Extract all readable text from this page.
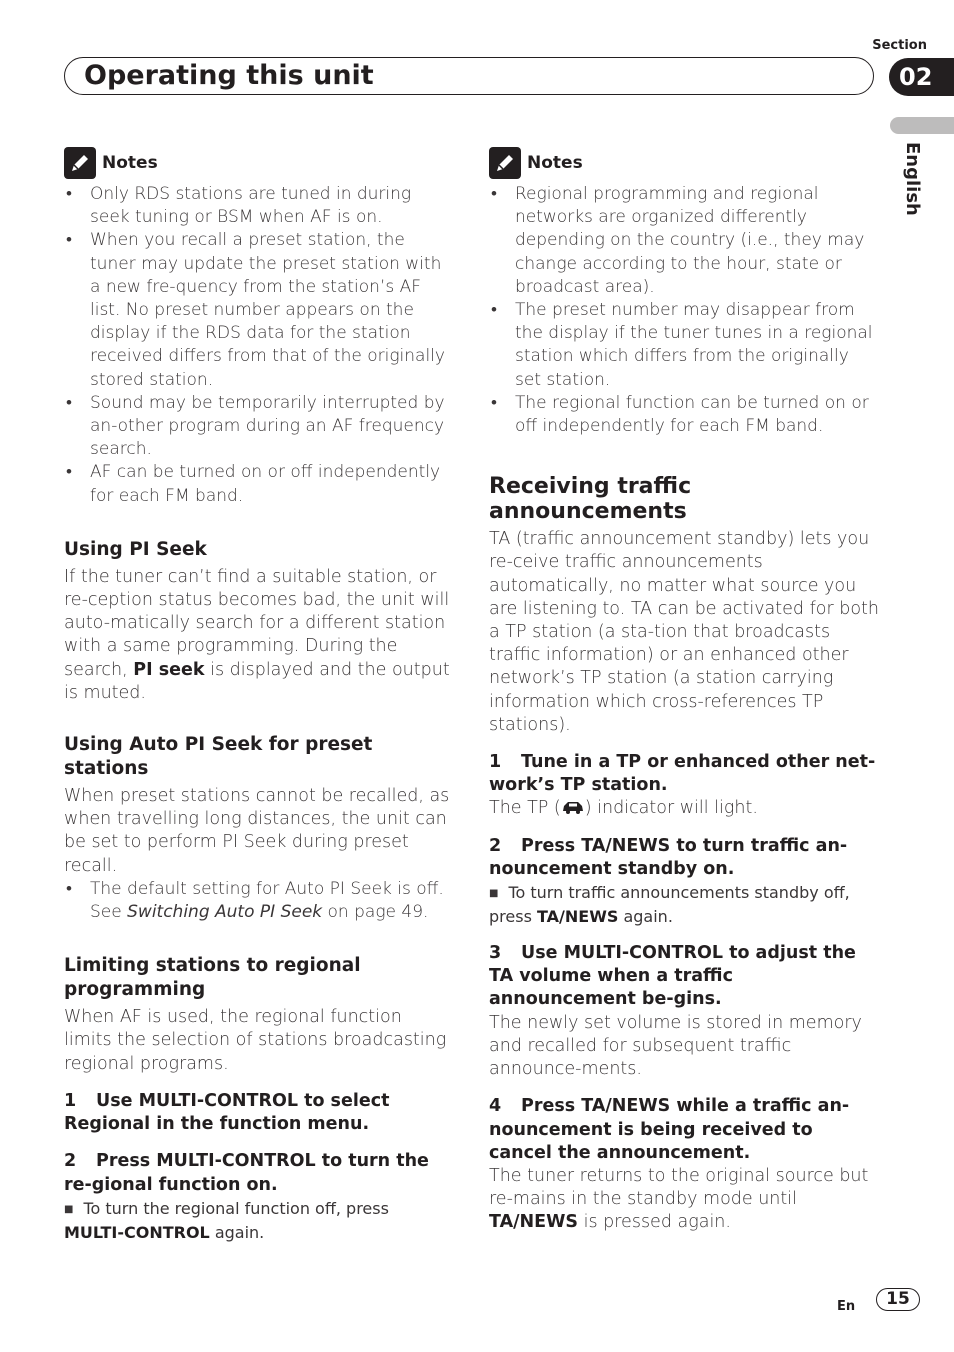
Section
02
Operating this unit
English
Notes
• Only RDS stations are tuned in during seek tuning or BSM when AF is on.
• When you recall a preset station, the tuner may update the preset station with a new fre-quency from the station’s AF list. No preset number appears on the display if the RDS data for the station received differs from that of the originally stored station.
• Sound may be temporarily interrupted by an-other program during an AF frequency search.
• AF can be turned on or off independently for each FM band.
Using PI Seek
If the tuner can’t find a suitable station, or re-ception status becomes bad, the unit will auto-matically search for a different station with a same programming. During the search, PI seek is displayed and the output is muted.
Using Auto PI Seek for preset stations
When preset stations cannot be recalled, as when travelling long distances, the unit can be set to perform PI Seek during preset recall.
• The default setting for Auto PI Seek is off. See Switching Auto PI Seek on page 49.
Limiting stations to regional programming
When AF is used, the regional function limits the selection of stations broadcasting regional programs.
1 Use MULTI-CONTROL to select Regional in the function menu.
2 Press MULTI-CONTROL to turn the re-gional function on.
■ To turn the regional function off, press
MULTI-CONTROL again.
Notes
• Regional programming and regional networks are organized differently depending on the country (i.e., they may change according to the hour, state or broadcast area).
• The preset number may disappear from the display if the tuner tunes in a regional station which differs from the originally set station.
• The regional function can be turned on or off independently for each FM band.
Receiving traffic announcements
TA (traffic announcement standby) lets you re-ceive traffic announcements automatically, no matter what source you are listening to. TA can be activated for both a TP station (a sta-tion that broadcasts traffic information) or an enhanced other network’s TP station (a station carrying information which cross-references TP stations).
1 Tune in a TP or enhanced other net-work’s TP station.
The TP ( ) indicator will light.
2 Press TA/NEWS to turn traffic an-nouncement standby on.
■ To turn traffic announcements standby off, press TA/NEWS again.
3 Use MULTI-CONTROL to adjust the TA volume when a traffic announcement be-gins.
The newly set volume is stored in memory and recalled for subsequent traffic announce-ments.
4 Press TA/NEWS while a traffic an-nouncement is being received to cancel the announcement.
The tuner returns to the original source but re-mains in the standby mode until TA/NEWS is pressed again.
En	15
